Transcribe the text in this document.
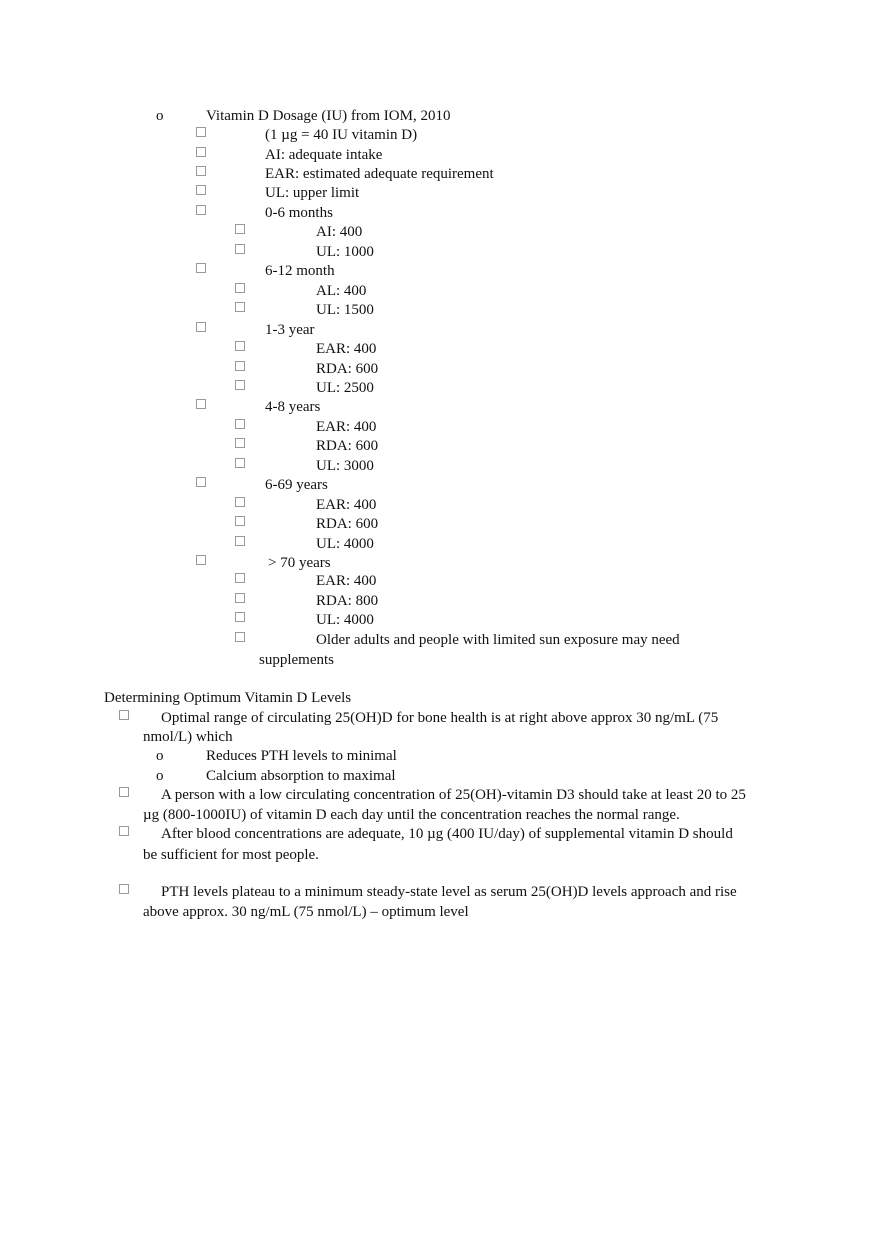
o	Vitamin D Dosage (IU) from IOM, 2010
(1 µg = 40 IU vitamin D)
AI: adequate intake
EAR: estimated adequate requirement
UL: upper limit
0-6 months
AI: 400
UL: 1000
6-12 month
AL: 400
UL: 1500
1-3 year
EAR: 400
RDA: 600
UL: 2500
4-8 years
EAR: 400
RDA: 600
UL: 3000
6-69 years
EAR: 400
RDA: 600
UL: 4000
> 70 years
EAR: 400
RDA: 800
UL: 4000
Older adults and people with limited sun exposure may need
supplements
Determining Optimum Vitamin D Levels
Optimal range of circulating 25(OH)D for bone health is at right above approx 30 ng/mL (75
nmol/L) which
o	Reduces PTH levels to minimal
o	Calcium absorption to maximal
A person with a low circulating concentration of 25(OH)-vitamin D3 should take at least 20 to 25
µg (800-1000IU) of vitamin D each day until the concentration reaches the normal range.
After blood concentrations are adequate, 10 µg (400 IU/day) of supplemental vitamin D should
be sufficient for most people.
PTH levels plateau to a minimum steady-state level as serum 25(OH)D levels approach and rise
above approx. 30 ng/mL (75 nmol/L) – optimum level
